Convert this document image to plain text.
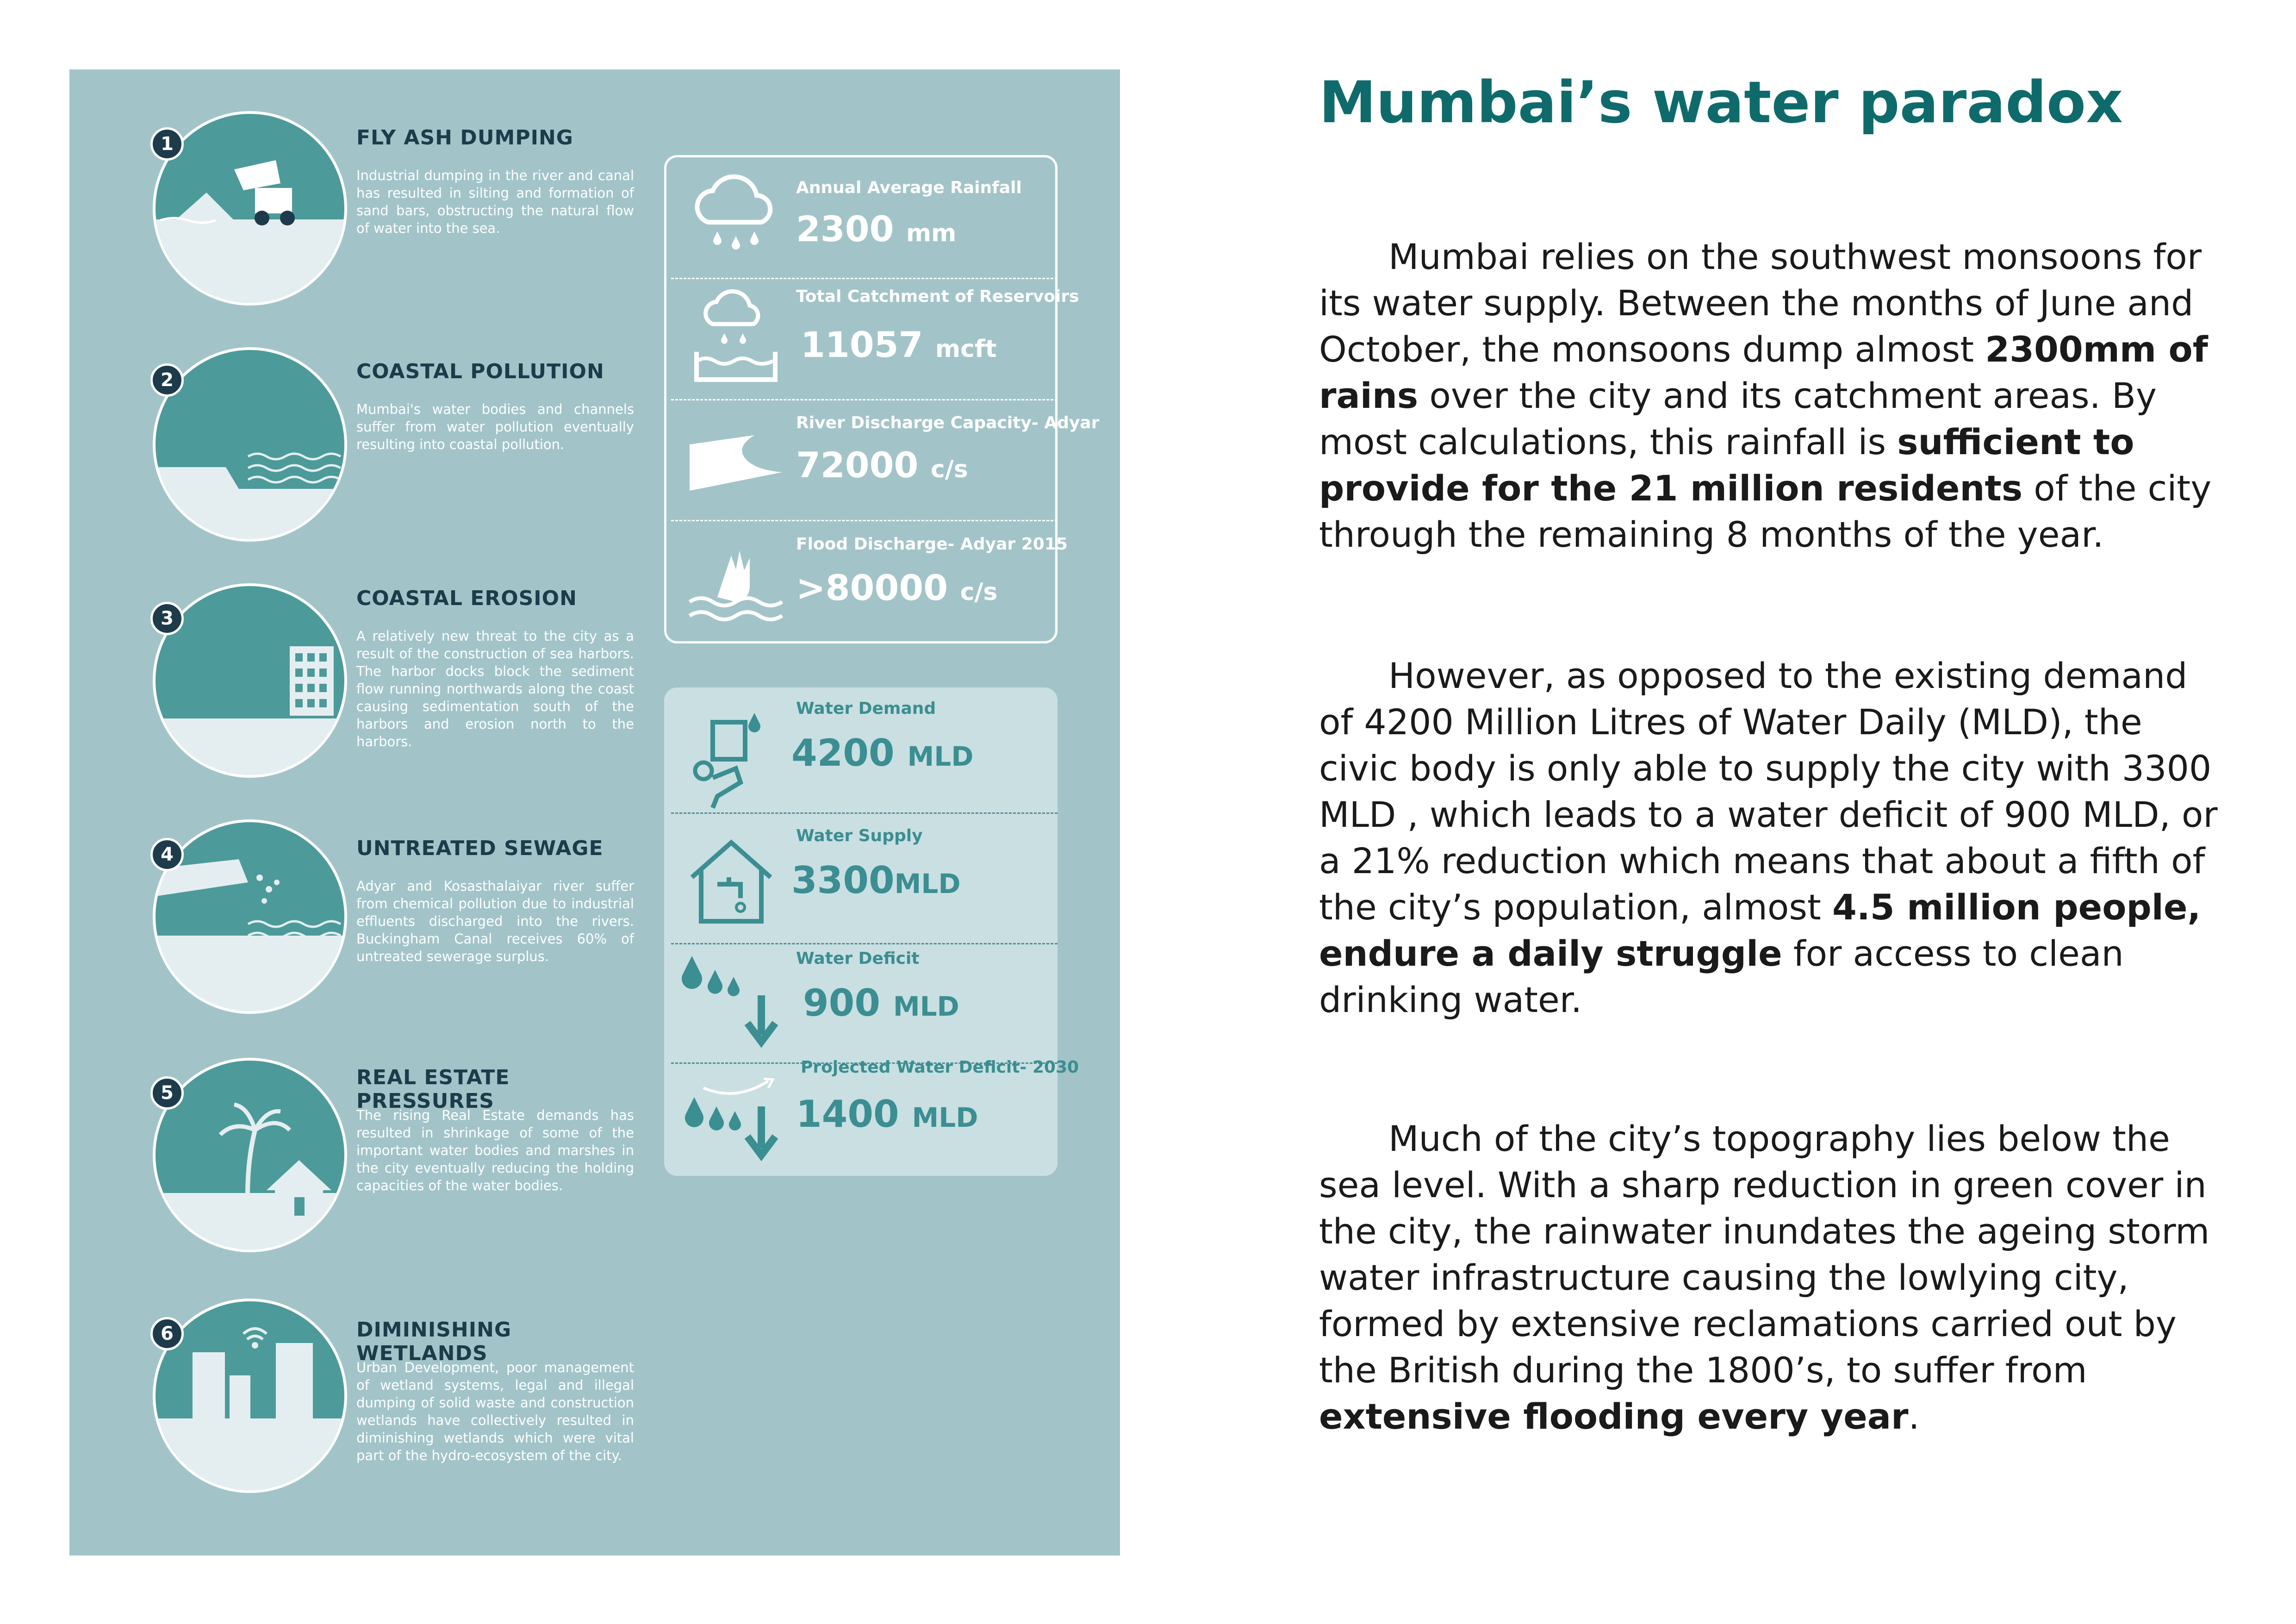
1	FLY ASH DUMPING
Industrial dumping in the river and canal has resulted in silting and formation of sand bars, obstructing the natural flow of water into the sea.
2	COASTAL POLLUTION
Mumbai's water bodies and channels suffer from water pollution eventually resulting into coastal pollution.
3
COASTAL EROSION
A relatively new threat to the city as a result of the construction of sea harbors. The harbor docks block the sediment flow running northwards along the coast causing sedimentation south of the harbors and erosion north to the harbors.
4	UNTREATED SEWAGE
Adyar and Kosasthalaiyar river suffer from chemical pollution due to industrial effluents discharged into the rivers. Buckingham Canal receives 60% of untreated sewerage surplus.
5
REAL ESTATE PRESSURES
The rising Real Estate demands has resulted in shrinkage of some of the important water bodies and marshes in the city eventually reducing the holding capacities of the water bodies.
6	DIMINISHING WETLANDS
Urban Development, poor management of wetland systems, legal and illegal dumping of solid waste and construction wetlands have collectively resulted in diminishing wetlands which were vital part of the hydro-ecosystem of the city.
Annual Average Rainfall
2300 mm
Total Catchment of Reservoirs
11057 mcft
River Discharge Capacity- Adyar
72000 c/s
Flood Discharge- Adyar 2015
>80000 c/s
Water Demand
4200 MLD
Water Supply
3300MLD
Water Deficit
900 MLD
Projected Water Deficit- 2030
1400 MLD
Mumbai’s water paradox

Mumbai relies on the southwest monsoons for its water supply. Between the months of June and October, the monsoons dump almost 2300mm of rains over the city and its catchment areas. By most calculations, this rainfall is sufficient to provide for the 21 million residents of the city through the remaining 8 months of the year.

However, as opposed to the existing demand of 4200 Million Litres of Water Daily (MLD), the civic body is only able to supply the city with 3300 MLD , which leads to a water deficit of 900 MLD, or a 21% reduction which means that about a fifth of the city’s population, almost 4.5 million people, endure a daily struggle for access to clean drinking water.

Much of the city’s topography lies below the sea level. With a sharp reduction in green cover in the city, the rainwater inundates the ageing storm water infrastructure causing the lowlying city, formed by extensive reclamations carried out by the British during the 1800’s, to suffer from extensive flooding every year.
